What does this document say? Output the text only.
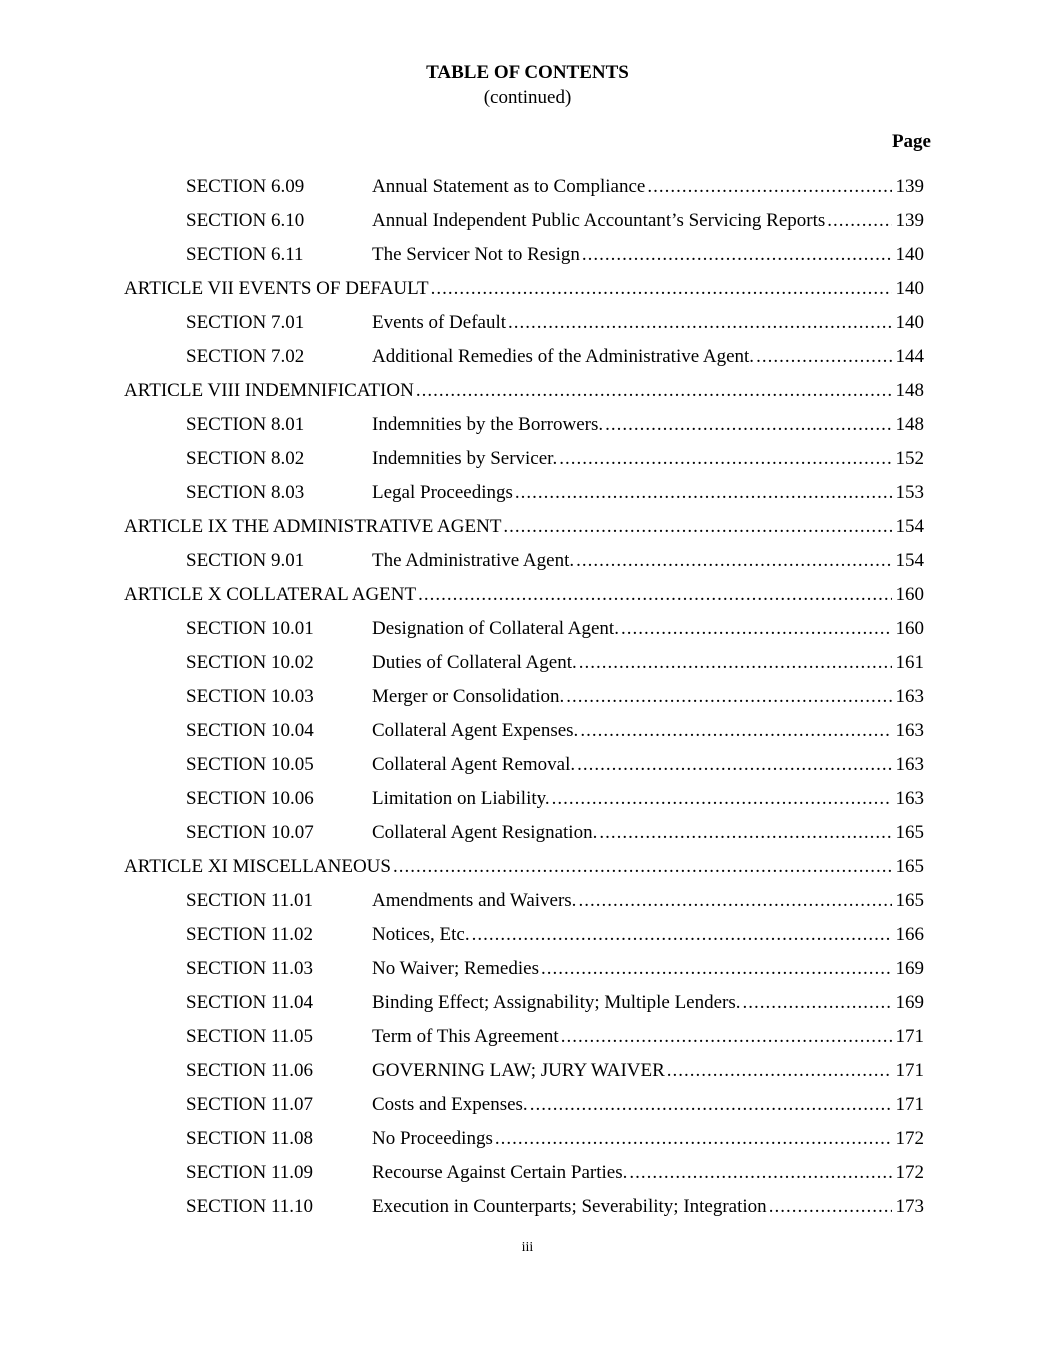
TABLE OF CONTENTS
(continued)
Page
SECTION 6.09	Annual Statement as to Compliance .....	139
SECTION 6.10	Annual Independent Public Accountant’s Servicing Reports .....	139
SECTION 6.11	The Servicer Not to Resign .....	140
ARTICLE VII EVENTS OF DEFAULT .....	140
SECTION 7.01	Events of Default .....	140
SECTION 7.02	Additional Remedies of the Administrative Agent. .....	144
ARTICLE VIII INDEMNIFICATION .....	148
SECTION 8.01	Indemnities by the Borrowers. .....	148
SECTION 8.02	Indemnities by Servicer. .....	152
SECTION 8.03	Legal Proceedings .....	153
ARTICLE IX THE ADMINISTRATIVE AGENT .....	154
SECTION 9.01	The Administrative Agent. .....	154
ARTICLE X COLLATERAL AGENT .....	160
SECTION 10.01	Designation of Collateral Agent. .....	160
SECTION 10.02	Duties of Collateral Agent. .....	161
SECTION 10.03	Merger or Consolidation. .....	163
SECTION 10.04	Collateral Agent Expenses. .....	163
SECTION 10.05	Collateral Agent Removal. .....	163
SECTION 10.06	Limitation on Liability. .....	163
SECTION 10.07	Collateral Agent Resignation. .....	165
ARTICLE XI MISCELLANEOUS .....	165
SECTION 11.01	Amendments and Waivers. .....	165
SECTION 11.02	Notices, Etc. .....	166
SECTION 11.03	No Waiver; Remedies .....	169
SECTION 11.04	Binding Effect; Assignability; Multiple Lenders. .....	169
SECTION 11.05	Term of This Agreement .....	171
SECTION 11.06	GOVERNING LAW; JURY WAIVER .....	171
SECTION 11.07	Costs and Expenses. .....	171
SECTION 11.08	No Proceedings .....	172
SECTION 11.09	Recourse Against Certain Parties. .....	172
SECTION 11.10	Execution in Counterparts; Severability; Integration .....	173
iii
